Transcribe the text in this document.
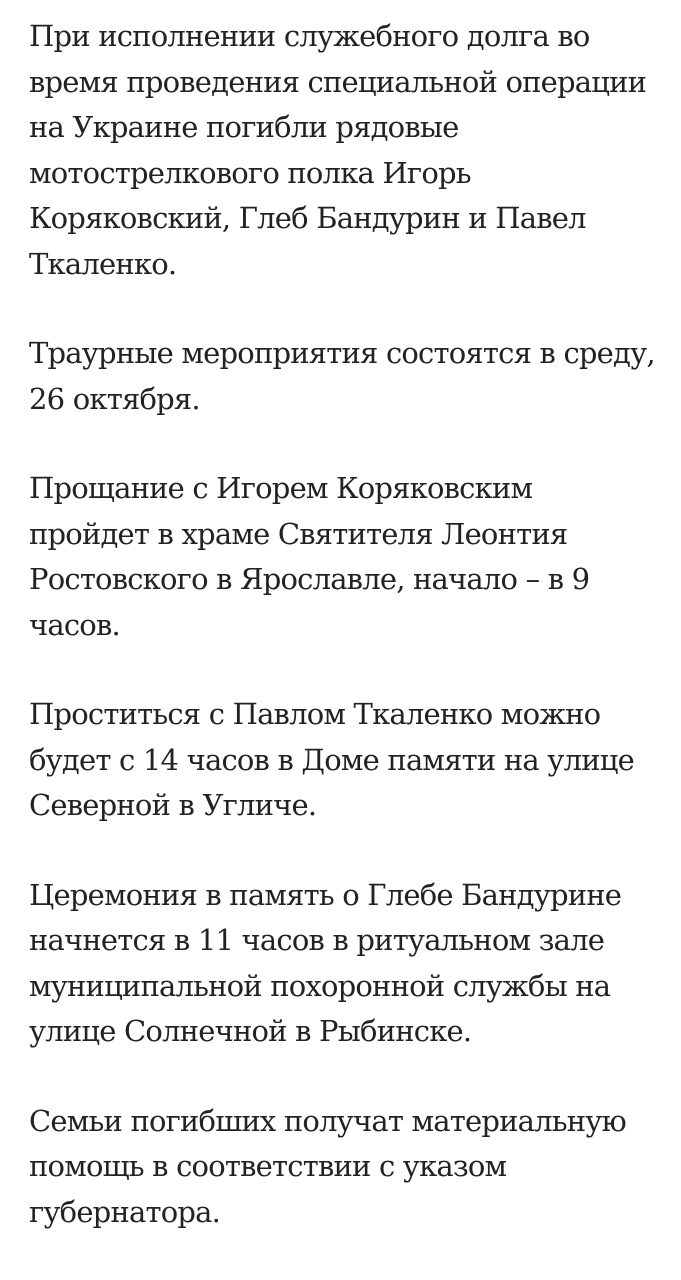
При исполнении служебного долга во
время проведения специальной операции
на Украине погибли рядовые
мотострелкового полка Игорь
Коряковский, Глеб Бандурин и Павел
Ткаленко.

Траурные мероприятия состоятся в среду,
26 октября.

Прощание с Игорем Коряковским
пройдет в храме Святителя Леонтия
Ростовского в Ярославле, начало – в 9
часов.

Проститься с Павлом Ткаленко можно
будет с 14 часов в Доме памяти на улице
Северной в Угличе.

Церемония в память о Глебе Бандурине
начнется в 11 часов в ритуальном зале
муниципальной похоронной службы на
улице Солнечной в Рыбинске.

Семьи погибших получат материальную
помощь в соответствии с указом
губернатора.
